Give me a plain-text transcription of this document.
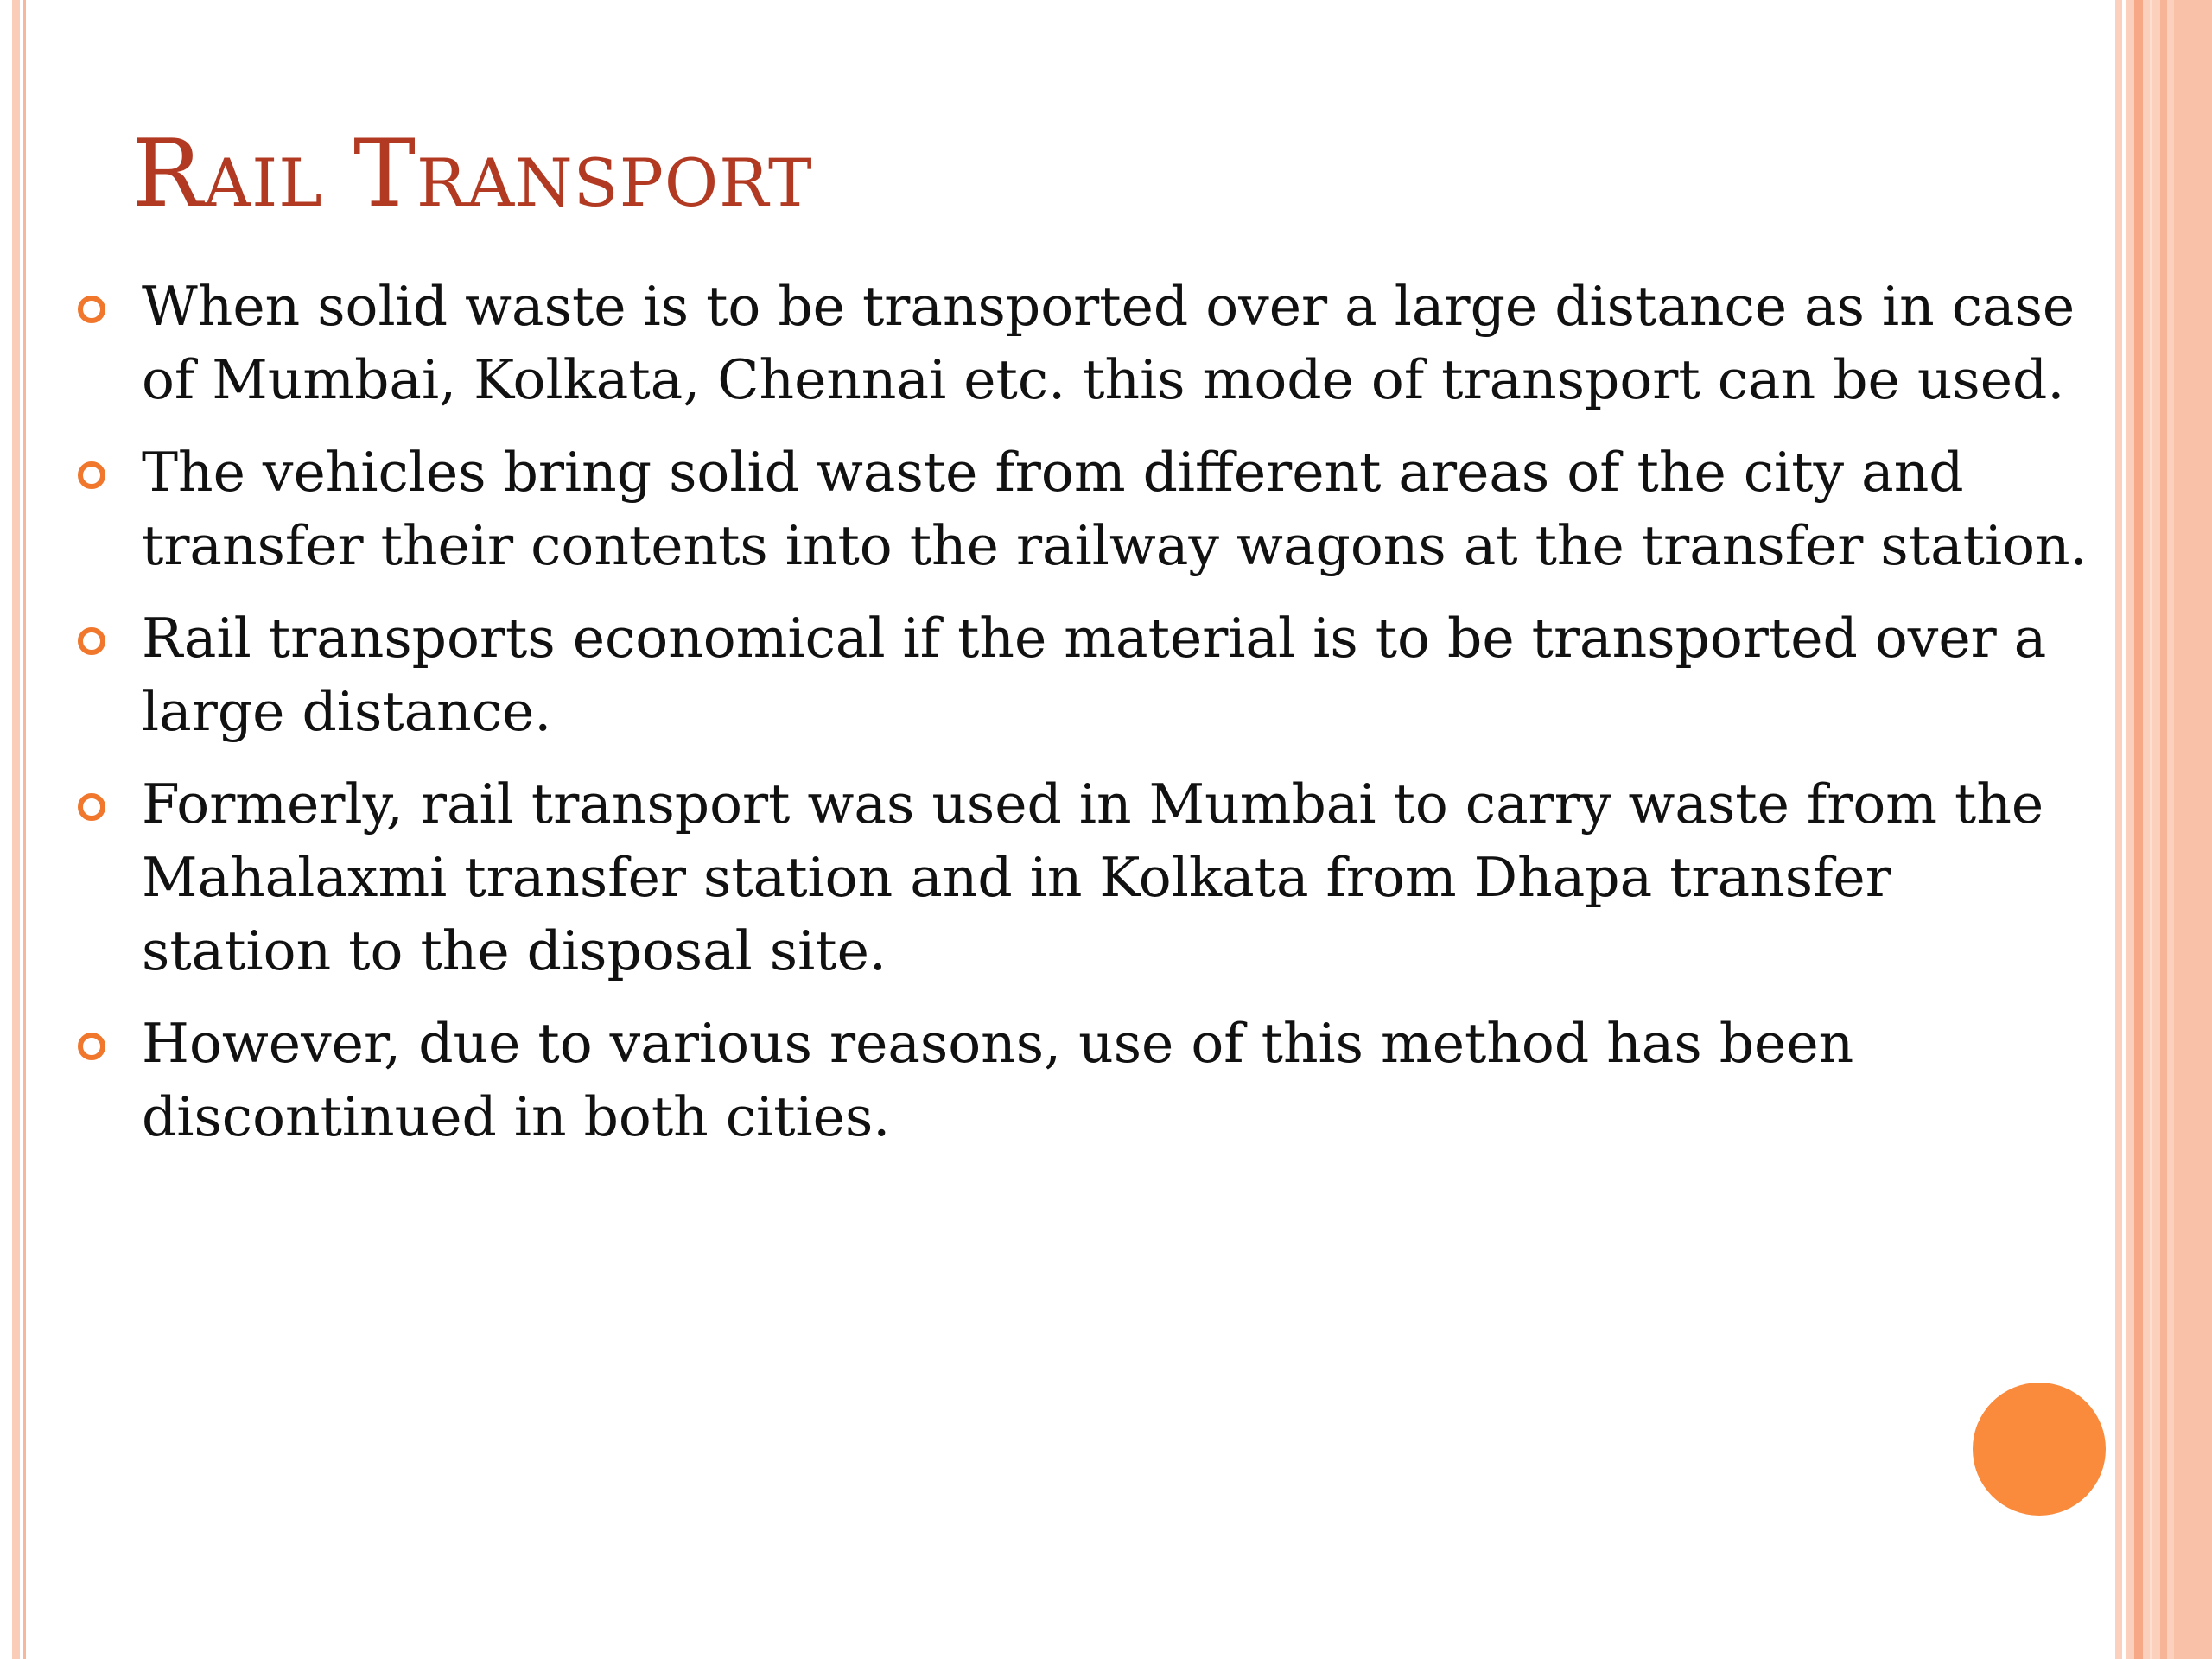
Rail Transport
When solid waste is to be transported over a large distance as in case of Mumbai, Kolkata, Chennai etc. this mode of transport can be used.
The vehicles bring solid waste from different areas of the city and transfer their contents into the railway wagons at the transfer station.
Rail transports economical if the material is to be transported over a large distance.
Formerly, rail transport was used in Mumbai to carry waste from the Mahalaxmi transfer station and in Kolkata from Dhapa transfer station to the disposal site.
However, due to various reasons, use of this method has been discontinued in both cities.
